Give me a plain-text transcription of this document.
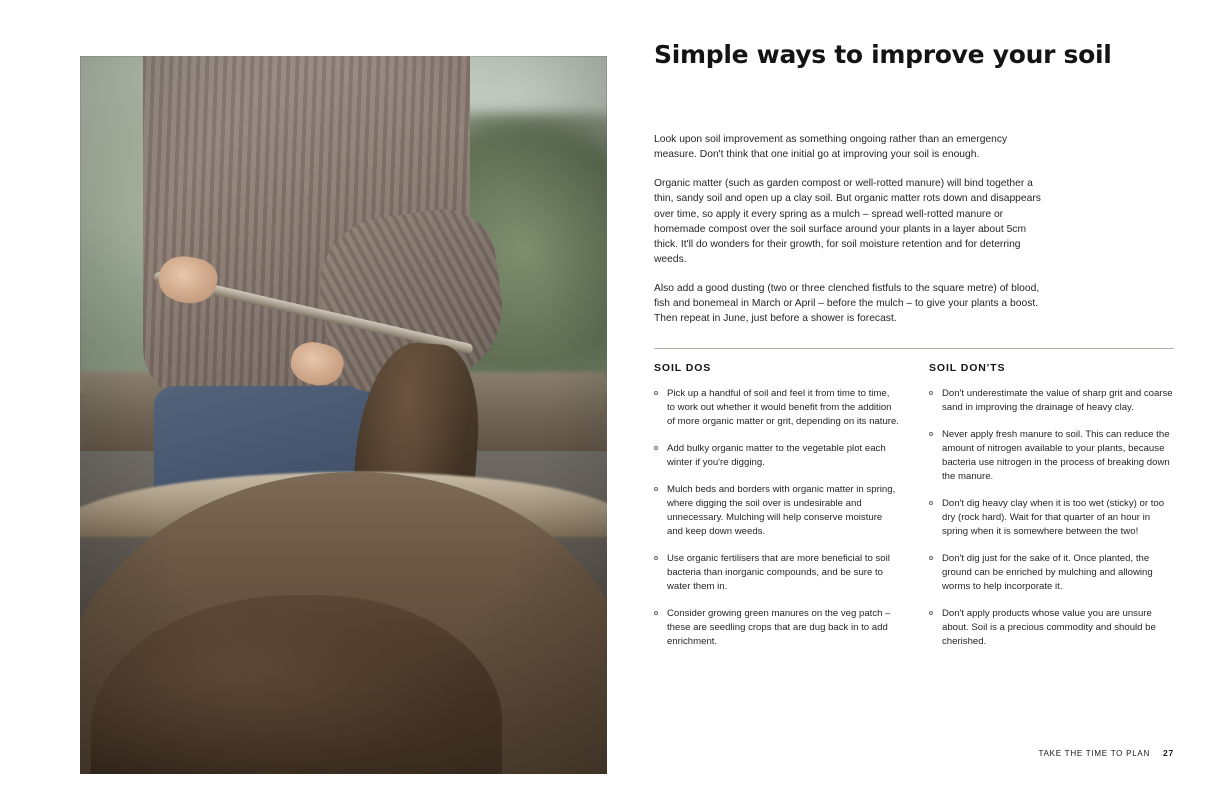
Simple ways to improve your soil

Look upon soil improvement as something ongoing rather than an emergency measure. Don't think that one initial go at improving your soil is enough.

Organic matter (such as garden compost or well-rotted manure) will bind together a thin, sandy soil and open up a clay soil. But organic matter rots down and disappears over time, so apply it every spring as a mulch – spread well-rotted manure or homemade compost over the soil surface around your plants in a layer about 5cm thick. It'll do wonders for their growth, for soil moisture retention and for deterring weeds.

Also add a good dusting (two or three clenched fistfuls to the square metre) of blood, fish and bonemeal in March or April – before the mulch – to give your plants a boost. Then repeat in June, just before a shower is forecast.

SOIL DOS
Pick up a handful of soil and feel it from time to time, to work out whether it would benefit from the addition of more organic matter or grit, depending on its nature.
Add bulky organic matter to the vegetable plot each winter if you're digging.
Mulch beds and borders with organic matter in spring, where digging the soil over is undesirable and unnecessary. Mulching will help conserve moisture and keep down weeds.
Use organic fertilisers that are more beneficial to soil bacteria than inorganic compounds, and be sure to water them in.
Consider growing green manures on the veg patch – these are seedling crops that are dug back in to add enrichment.
SOIL DON'TS
Don't underestimate the value of sharp grit and coarse sand in improving the drainage of heavy clay.
Never apply fresh manure to soil. This can reduce the amount of nitrogen available to your plants, because bacteria use nitrogen in the process of breaking down the manure.
Don't dig heavy clay when it is too wet (sticky) or too dry (rock hard). Wait for that quarter of an hour in spring when it is somewhere between the two!
Don't dig just for the sake of it. Once planted, the ground can be enriched by mulching and allowing worms to help incorporate it.
Don't apply products whose value you are unsure about. Soil is a precious commodity and should be cherished.
TAKE THE TIME TO PLAN 27
